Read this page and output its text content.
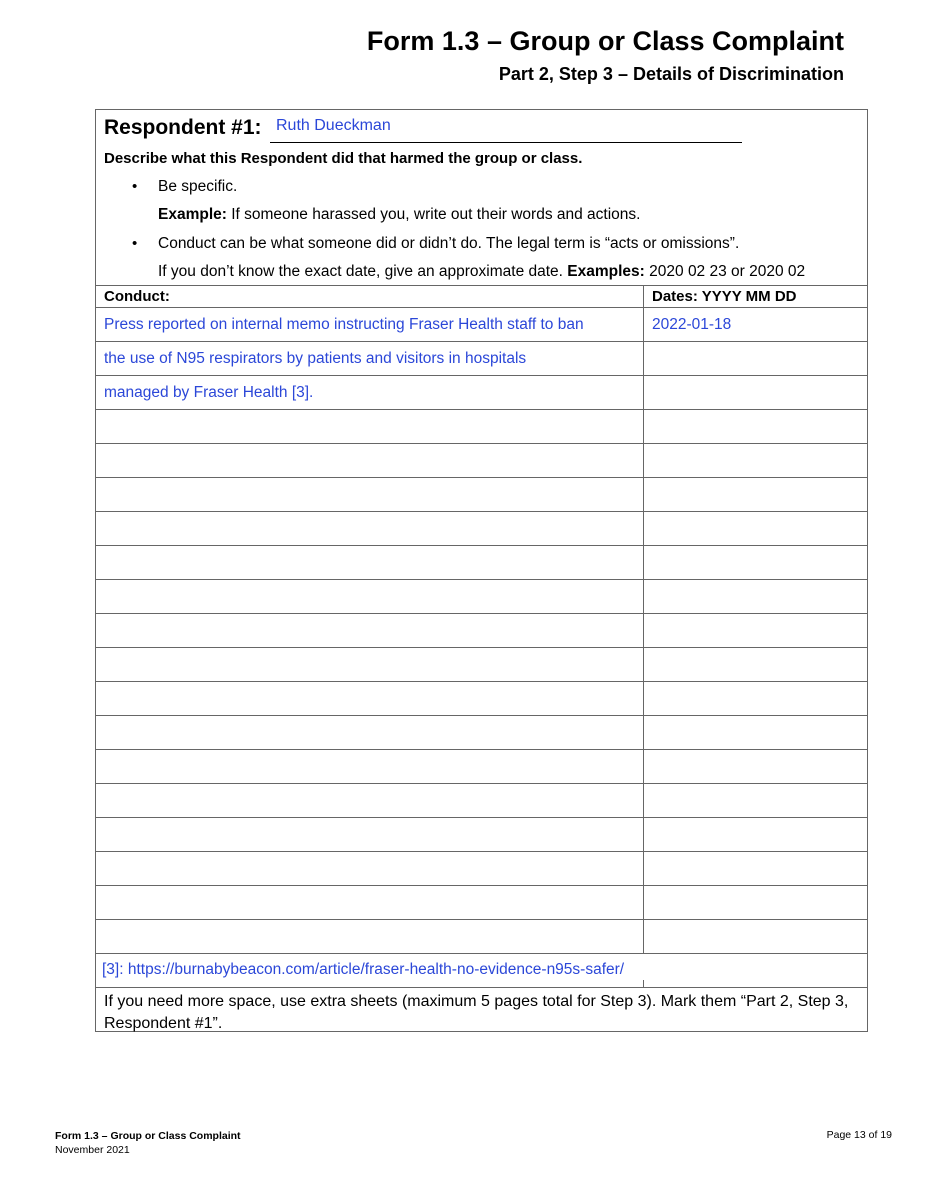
Form 1.3 – Group or Class Complaint
Part 2, Step 3 – Details of Discrimination
Respondent #1: Ruth Dueckman
Describe what this Respondent did that harmed the group or class.
• Be specific.
Example: If someone harassed you, write out their words and actions.
• Conduct can be what someone did or didn’t do. The legal term is “acts or omissions”.
If you don’t know the exact date, give an approximate date. Examples: 2020 02 23 or 2020 02
Conduct:	Dates: YYYY MM DD
Press reported on internal memo instructing Fraser Health staff to ban	2022-01-18
the use of N95 respirators by patients and visitors in hospitals	
managed by Fraser Health [3].	

[3]: https://burnabybeacon.com/article/fraser-health-no-evidence-n95s-safer/
If you need more space, use extra sheets (maximum 5 pages total for Step 3). Mark them “Part 2, Step 3, Respondent #1”.
Form 1.3 – Group or Class Complaint
November 2021
Page 13 of 19
